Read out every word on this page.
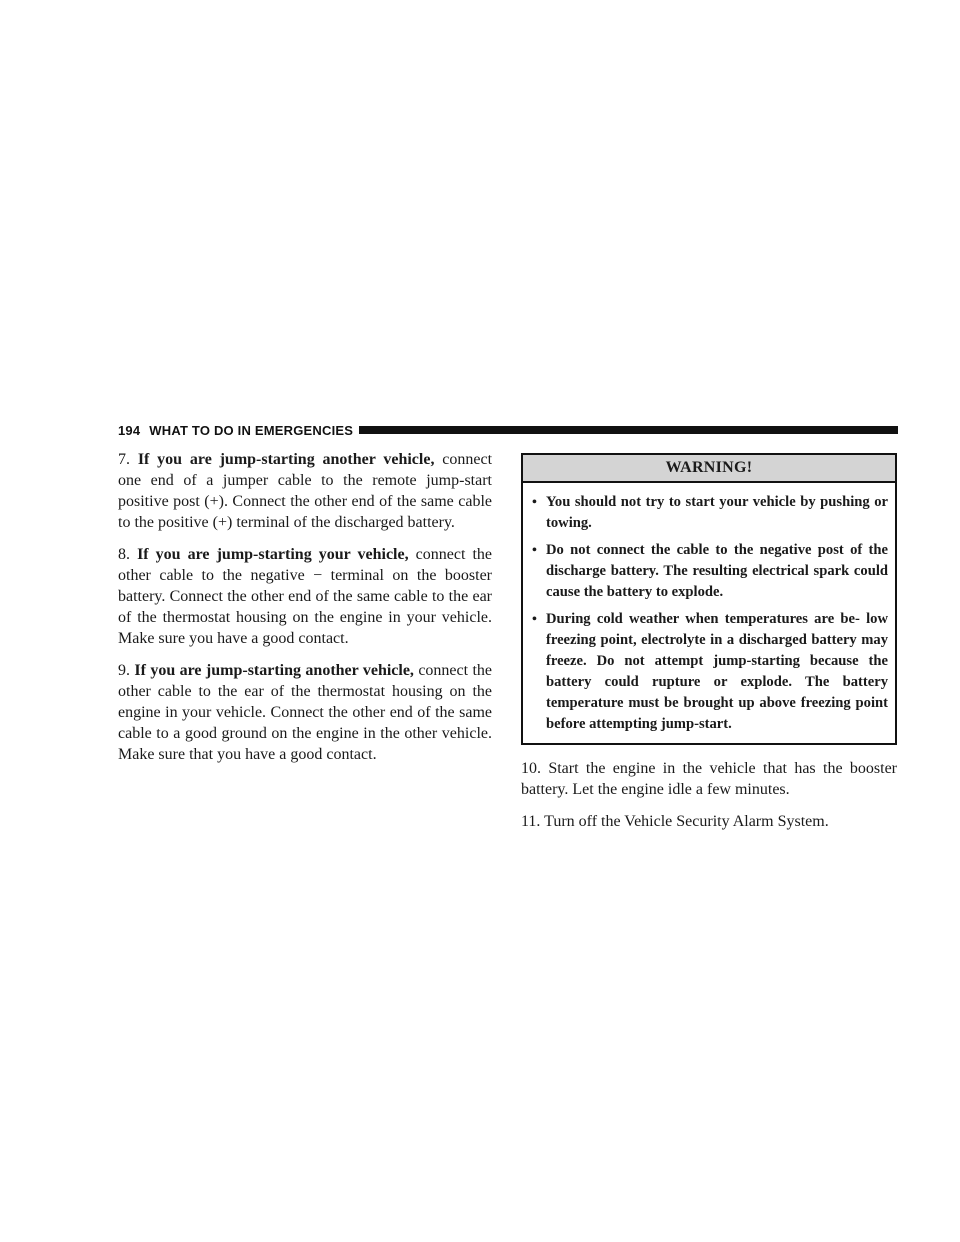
194 WHAT TO DO IN EMERGENCIES

7. If you are jump-starting another vehicle, connect one end of a jumper cable to the remote jump-start positive post (+). Connect the other end of the same cable to the positive (+) terminal of the discharged battery.

8. If you are jump-starting your vehicle, connect the other cable to the negative − terminal on the booster battery. Connect the other end of the same cable to the ear of the thermostat housing on the engine in your vehicle. Make sure you have a good contact.

9. If you are jump-starting another vehicle, connect the other cable to the ear of the thermostat housing on the engine in your vehicle. Connect the other end of the same cable to a good ground on the engine in the other vehicle. Make sure that you have a good contact.

WARNING!
• You should not try to start your vehicle by pushing or towing.
• Do not connect the cable to the negative post of the discharge battery. The resulting electrical spark could cause the battery to explode.
• During cold weather when temperatures are be- low freezing point, electrolyte in a discharged battery may freeze. Do not attempt jump-starting because the battery could rupture or explode. The battery temperature must be brought up above freezing point before attempting jump-start.

10. Start the engine in the vehicle that has the booster battery. Let the engine idle a few minutes.

11. Turn off the Vehicle Security Alarm System.
